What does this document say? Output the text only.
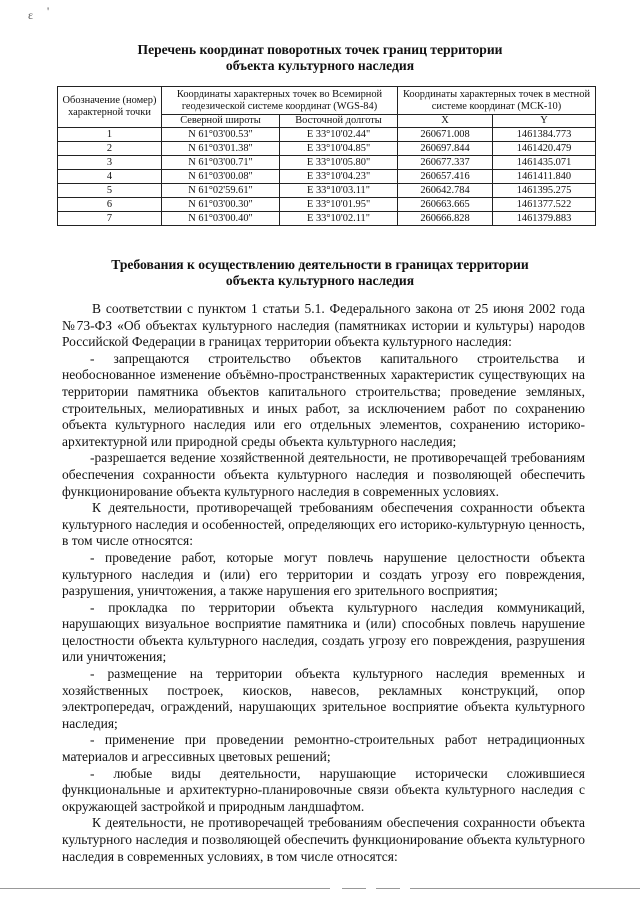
ε '
Перечень координат поворотных точек границ территории
объекта культурного наследия
Обозначение (номер) характерной точки	Координаты характерных точек во Всемирной геодезической системе координат (WGS-84)		Координаты характерных точек в местной системе координат (МСК-10)	
	Северной широты	Восточной долготы	X	Y
1	N 61°03'00.53"	E 33°10'02.44"	260671.008	1461384.773
2	N 61°03'01.38"	E 33°10'04.85"	260697.844	1461420.479
3	N 61°03'00.71"	E 33°10'05.80"	260677.337	1461435.071
4	N 61°03'00.08"	E 33°10'04.23"	260657.416	1461411.840
5	N 61°02'59.61"	E 33°10'03.11"	260642.784	1461395.275
6	N 61°03'00.30"	E 33°10'01.95"	260663.665	1461377.522
7	N 61°03'00.40"	E 33°10'02.11"	260666.828	1461379.883
Требования к осуществлению деятельности в границах территории
объекта культурного наследия

В соответствии с пунктом 1 статьи 5.1. Федерального закона от 25 июня 2002 года №73-ФЗ «Об объектах культурного наследия (памятниках истории и культуры) народов Российской Федерации в границах территории объекта культурного наследия:

- запрещаются строительство объектов капитального строительства и необоснованное изменение объёмно-пространственных характеристик существующих на территории памятника объектов капитального строительства; проведение земляных, строительных, мелиоративных и иных работ, за исключением работ по сохранению объекта культурного наследия или его отдельных элементов, сохранению историко-архитектурной или природной среды объекта культурного наследия;

-разрешается ведение хозяйственной деятельности, не противоречащей требованиям обеспечения сохранности объекта культурного наследия и позволяющей обеспечить функционирование объекта культурного наследия в современных условиях.

К деятельности, противоречащей требованиям обеспечения сохранности объекта культурного наследия и особенностей, определяющих его историко-культурную ценность, в том числе относятся:

- проведение работ, которые могут повлечь нарушение целостности объекта культурного наследия и (или) его территории и создать угрозу его повреждения, разрушения, уничтожения, а также нарушения его зрительного восприятия;

- прокладка по территории объекта культурного наследия коммуникаций, нарушающих визуальное восприятие памятника и (или) способных повлечь нарушение целостности объекта культурного наследия, создать угрозу его повреждения, разрушения или уничтожения;

- размещение на территории объекта культурного наследия временных и хозяйственных построек, киосков, навесов, рекламных конструкций, опор электропередач, ограждений, нарушающих зрительное восприятие объекта культурного наследия;

- применение при проведении ремонтно-строительных работ нетрадиционных материалов и агрессивных цветовых решений;

- любые виды деятельности, нарушающие исторически сложившиеся функциональные и архитектурно-планировочные связи объекта культурного наследия с окружающей застройкой и природным ландшафтом.

К деятельности, не противоречащей требованиям обеспечения сохранности объекта культурного наследия и позволяющей обеспечить функционирование объекта культурного наследия в современных условиях, в том числе относятся:
